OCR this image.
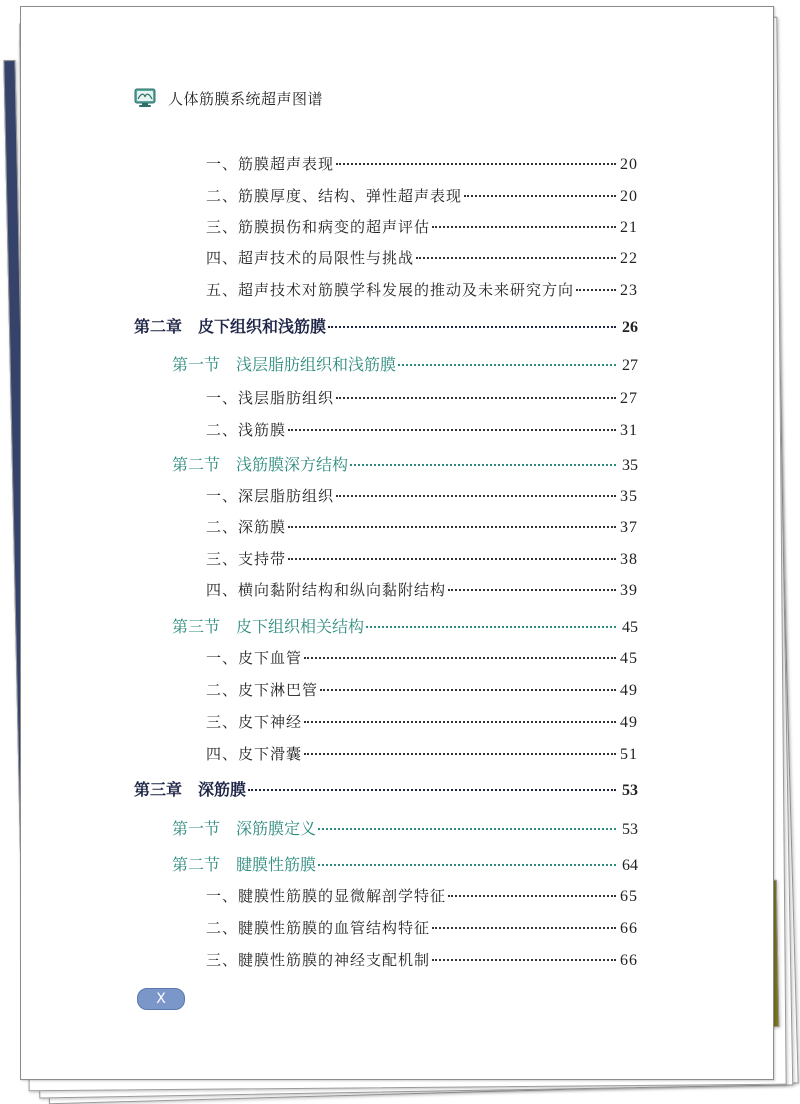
人体筋膜系统超声图谱
一、筋膜超声表现	20
二、筋膜厚度、结构、弹性超声表现	20
三、筋膜损伤和病变的超声评估	21
四、超声技术的局限性与挑战	22
五、超声技术对筋膜学科发展的推动及未来研究方向	23
第二章　皮下组织和浅筋膜	26
第一节　浅层脂肪组织和浅筋膜	27
一、浅层脂肪组织	27
二、浅筋膜	31
第二节　浅筋膜深方结构	35
一、深层脂肪组织	35
二、深筋膜	37
三、支持带	38
四、横向黏附结构和纵向黏附结构	39
第三节　皮下组织相关结构	45
一、皮下血管	45
二、皮下淋巴管	49
三、皮下神经	49
四、皮下滑囊	51
第三章　深筋膜	53
第一节　深筋膜定义	53
第二节　腱膜性筋膜	64
一、腱膜性筋膜的显微解剖学特征	65
二、腱膜性筋膜的血管结构特征	66
三、腱膜性筋膜的神经支配机制	66
Ⅹ
